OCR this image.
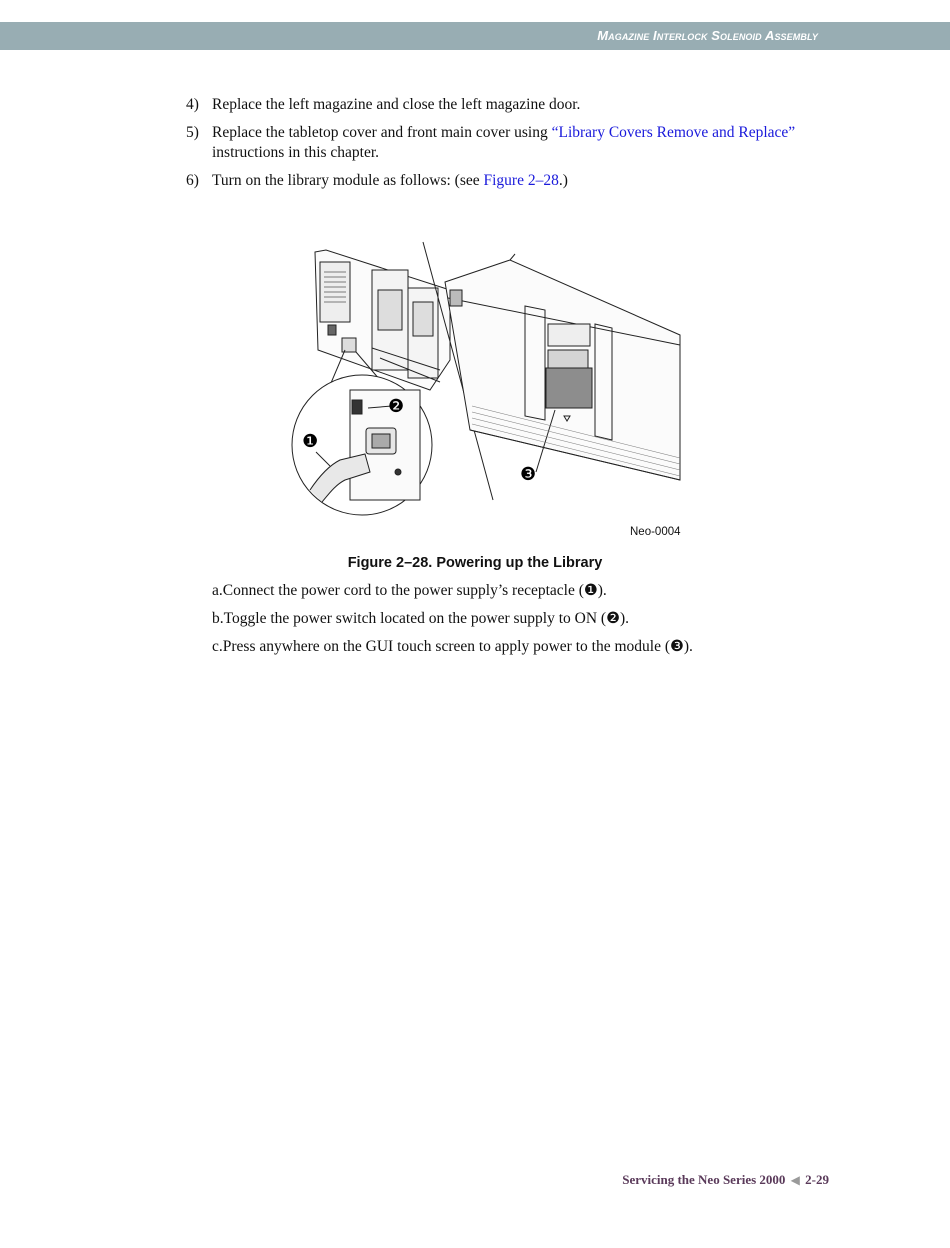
Magazine Interlock Solenoid Assembly
4) Replace the left magazine and close the left magazine door.
5) Replace the tabletop cover and front main cover using “Library Covers Remove and Replace” instructions in this chapter.
6) Turn on the library module as follows: (see Figure 2–28.)
❶
❷
❸
Neo-0004
Figure 2–28. Powering up the Library
a.Connect the power cord to the power supply’s receptacle (❶).
b.Toggle the power switch located on the power supply to ON (❷).
c.Press anywhere on the GUI touch screen to apply power to the module (❸).
Servicing the Neo Series 2000 ◀ 2-29
